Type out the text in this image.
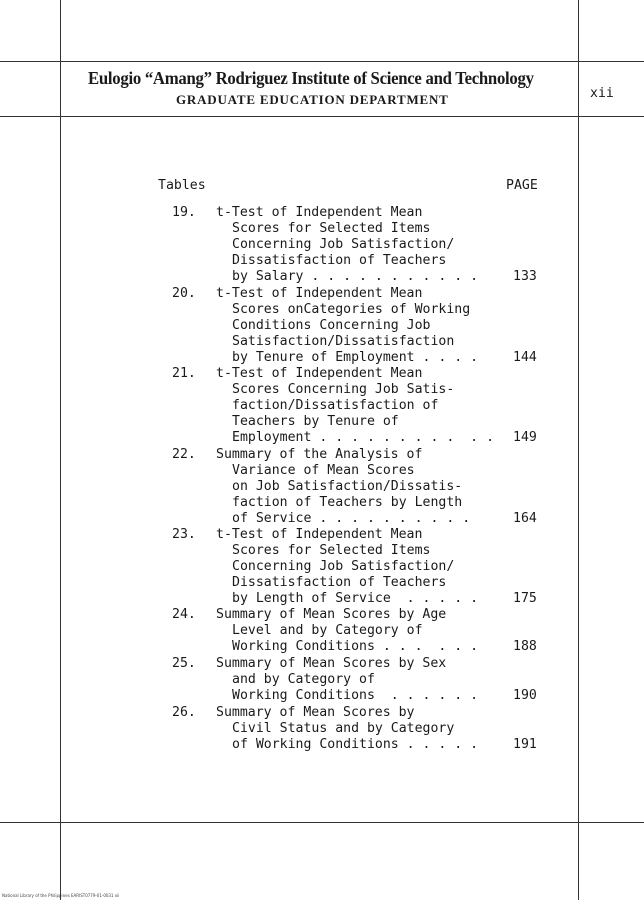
Eulogio “Amang” Rodriguez Institute of Science and Technology
GRADUATE EDUCATION DEPARTMENT	xii
Tables	PAGE
19. t-Test of Independent Mean
Scores for Selected Items
Concerning Job Satisfaction/
Dissatisfaction of Teachers
by Salary . . . . . . . . . . .	133
20. t-Test of Independent Mean
Scores onCategories of Working
Conditions Concerning Job
Satisfaction/Dissatisfaction
by Tenure of Employment . . . .	144
21. t-Test of Independent Mean
Scores Concerning Job Satis-
faction/Dissatisfaction of
Teachers by Tenure of
Employment . . . . . . . . .  . . 149
22. Summary of the Analysis of
Variance of Mean Scores
on Job Satisfaction/Dissatis-
faction of Teachers by Length
of Service . . . . . . . . . .	164
23. t-Test of Independent Mean
Scores for Selected Items
Concerning Job Satisfaction/
Dissatisfaction of Teachers
by Length of Service  . . . . .	175
24. Summary of Mean Scores by Age
Level and by Category of
Working Conditions . . .  . . .	188
25. Summary of Mean Scores by Sex
and by Category of
Working Conditions  . . . . . .	190
26. Summary of Mean Scores by
Civil Status and by Category
of Working Conditions . . . . .	191
National Library of the Philippines EARIST0779-01-0031 xii
